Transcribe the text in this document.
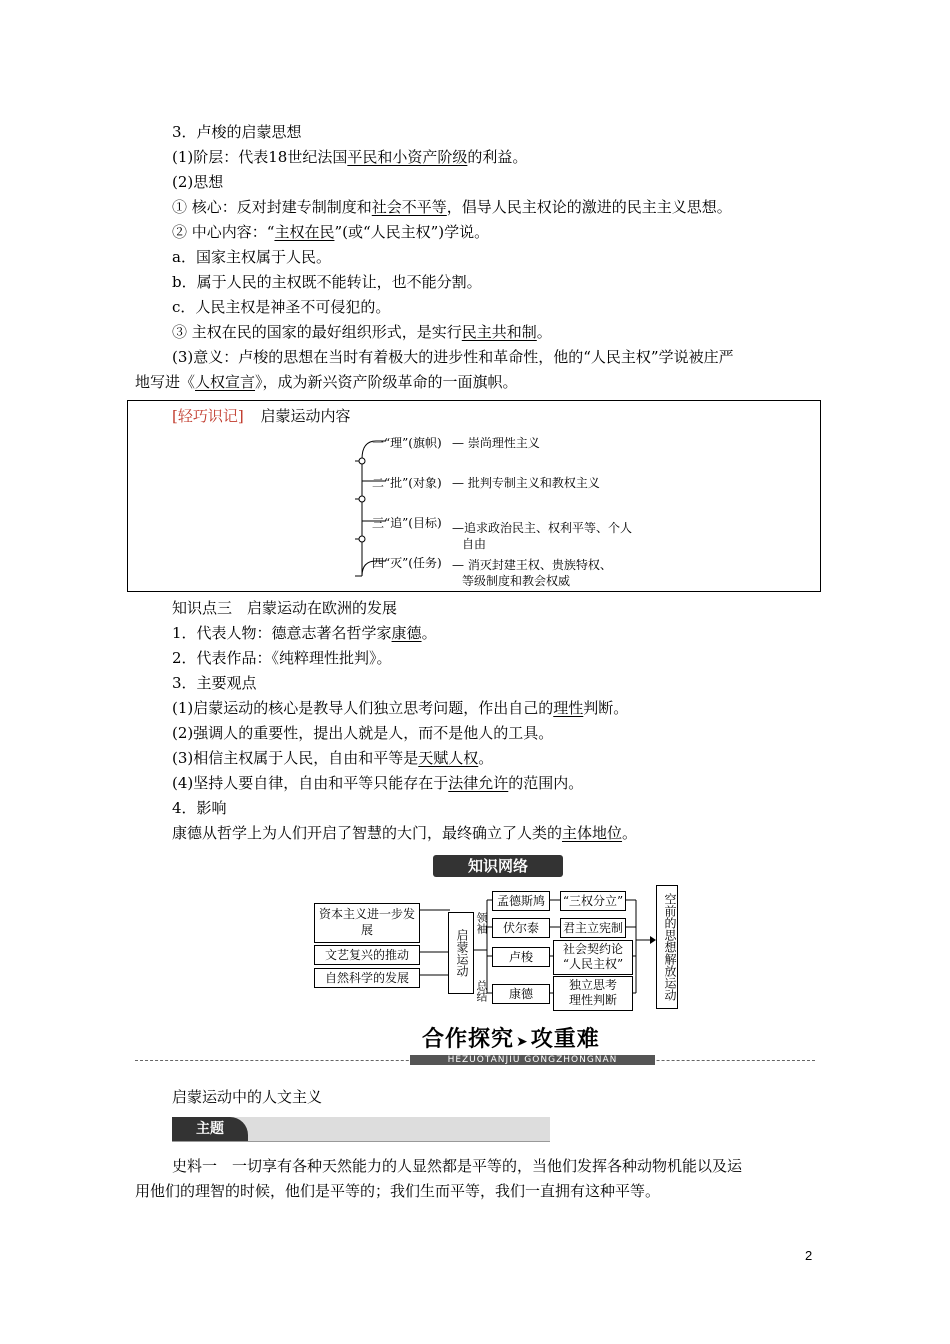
3．卢梭的启蒙思想
(1)阶层：代表18世纪法国平民和小资产阶级的利益。
(2)思想
① 核心：反对封建专制制度和社会不平等，倡导人民主权论的激进的民主主义思想。
② 中心内容：“主权在民”(或“人民主权”)学说。
a．国家主权属于人民。
b．属于人民的主权既不能转让，也不能分割。
c．人民主权是神圣不可侵犯的。
③ 主权在民的国家的最好组织形式，是实行民主共和制。
(3)意义：卢梭的思想在当时有着极大的进步性和革命性，他的“人民主权”学说被庄严
地写进《人权宣言》，成为新兴资产阶级革命的一面旗帜。
[轻巧识记] 启蒙运动内容
一“理”(旗帜) — 崇尚理性主义
二“批”(对象) — 批判专制主义和教权主义
三“追”(目标) —追求政治民主、权利平等、个人
自由
四“灭”(任务) — 消灭封建王权、贵族特权、
等级制度和教会权威
知识点三　启蒙运动在欧洲的发展
1．代表人物：德意志著名哲学家康德。
2．代表作品：《纯粹理性批判》。
3．主要观点
(1)启蒙运动的核心是教导人们独立思考问题，作出自己的理性判断。
(2)强调人的重要性，提出人就是人，而不是他人的工具。
(3)相信主权属于人民，自由和平等是天赋人权。
(4)坚持人要自律，自由和平等只能存在于法律允许的范围内。
4．影响
康德从哲学上为人们开启了智慧的大门，最终确立了人类的主体地位。
知识网络
资本主义进一步发展
文艺复兴的推动
自然科学的发展
启蒙运动
领袖
总结
孟德斯鸠
伏尔泰
卢梭
康德
“三权分立”
君主立宪制
社会契约论
“人民主权”
独立思考
理性判断	空前的思想解放运动
合作探究 ➤攻重难
HEZUOTANJIU GONGZHONGNAN
启蒙运动中的人文主义
主题
史料一　一切享有各种天然能力的人显然都是平等的，当他们发挥各种动物机能以及运
用他们的理智的时候，他们是平等的；我们生而平等，我们一直拥有这种平等。
2
